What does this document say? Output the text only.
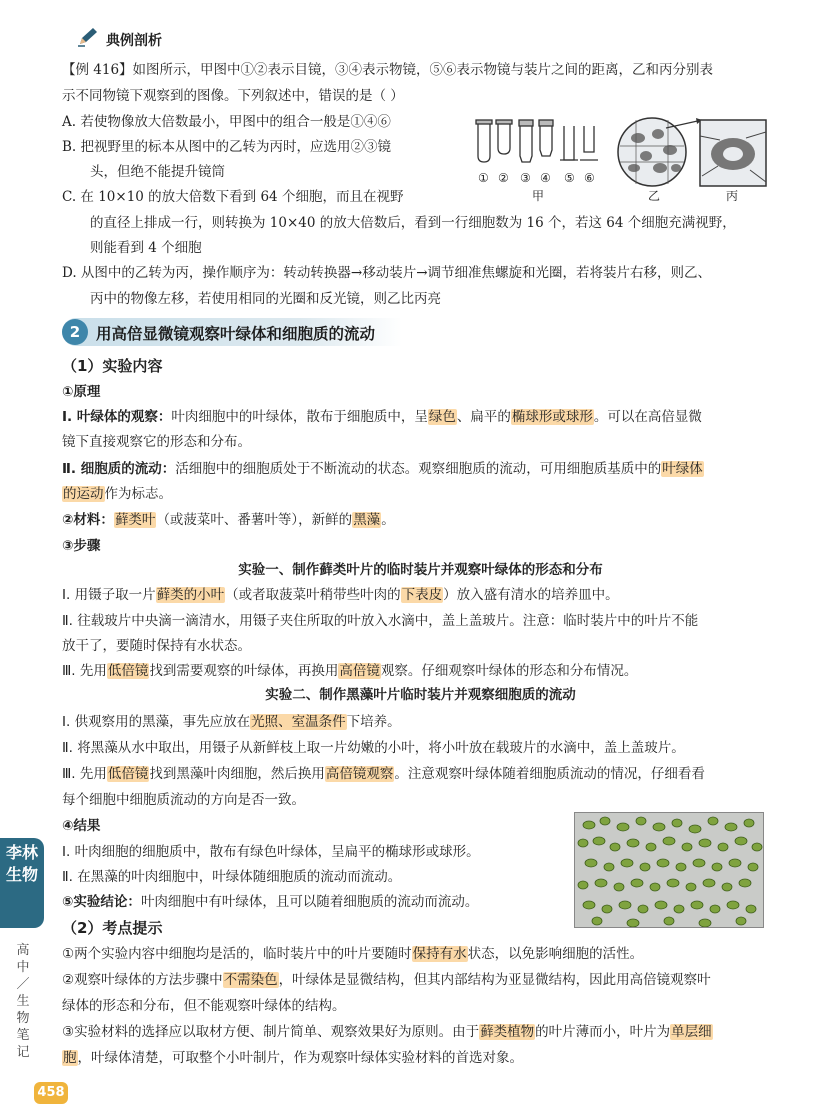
典例剖析
【例 416】如图所示，甲图中①②表示目镜，③④表示物镜，⑤⑥表示物镜与装片之间的距离，乙和丙分别表
示不同物镜下观察到的图像。下列叙述中，错误的是（ ）
A. 若使物像放大倍数最小，甲图中的组合一般是①④⑥
B. 把视野里的标本从图中的乙转为丙时，应选用②③镜
头，但绝不能提升镜筒
C. 在 10×10 的放大倍数下看到 64 个细胞，而且在视野
的直径上排成一行，则转换为 10×40 的放大倍数后，看到一行细胞数为 16 个，若这 64 个细胞充满视野，
则能看到 4 个细胞
D. 从图中的乙转为丙，操作顺序为：转动转换器→移动装片→调节细准焦螺旋和光圈，若将装片右移，则乙、
丙中的物像左移，若使用相同的光圈和反光镜，则乙比丙亮
① ② ③ ④ ⑤ ⑥
甲	乙	丙
2	用高倍显微镜观察叶绿体和细胞质的流动
（1）实验内容
①原理
Ⅰ. 叶绿体的观察：叶肉细胞中的叶绿体，散布于细胞质中，呈绿色、扁平的椭球形或球形。可以在高倍显微
镜下直接观察它的形态和分布。
Ⅱ. 细胞质的流动：活细胞中的细胞质处于不断流动的状态。观察细胞质的流动，可用细胞质基质中的叶绿体
的运动作为标志。
②材料：藓类叶（或菠菜叶、番薯叶等），新鲜的黑藻。
③步骤
实验一、制作藓类叶片的临时装片并观察叶绿体的形态和分布
Ⅰ. 用镊子取一片藓类的小叶（或者取菠菜叶稍带些叶肉的下表皮）放入盛有清水的培养皿中。
Ⅱ. 往载玻片中央滴一滴清水，用镊子夹住所取的叶放入水滴中，盖上盖玻片。注意：临时装片中的叶片不能
放干了，要随时保持有水状态。
Ⅲ. 先用低倍镜找到需要观察的叶绿体，再换用高倍镜观察。仔细观察叶绿体的形态和分布情况。
实验二、制作黑藻叶片临时装片并观察细胞质的流动
Ⅰ. 供观察用的黑藻，事先应放在光照、室温条件下培养。
Ⅱ. 将黑藻从水中取出，用镊子从新鲜枝上取一片幼嫩的小叶，将小叶放在载玻片的水滴中，盖上盖玻片。
Ⅲ. 先用低倍镜找到黑藻叶肉细胞，然后换用高倍镜观察。注意观察叶绿体随着细胞质流动的情况，仔细看看
每个细胞中细胞质流动的方向是否一致。
④结果
Ⅰ. 叶肉细胞的细胞质中，散布有绿色叶绿体，呈扁平的椭球形或球形。
Ⅱ. 在黑藻的叶肉细胞中，叶绿体随细胞质的流动而流动。
⑤实验结论：叶肉细胞中有叶绿体，且可以随着细胞质的流动而流动。
（2）考点提示
①两个实验内容中细胞均是活的，临时装片中的叶片要随时保持有水状态，以免影响细胞的活性。
②观察叶绿体的方法步骤中不需染色，叶绿体是显微结构，但其内部结构为亚显微结构，因此用高倍镜观察叶
绿体的形态和分布，但不能观察叶绿体的结构。
③实验材料的选择应以取材方便、制片简单、观察效果好为原则。由于藓类植物的叶片薄而小，叶片为单层细
胞，叶绿体清楚，可取整个小叶制片，作为观察叶绿体实验材料的首选对象。
李林生物
高中／生物笔记
458
